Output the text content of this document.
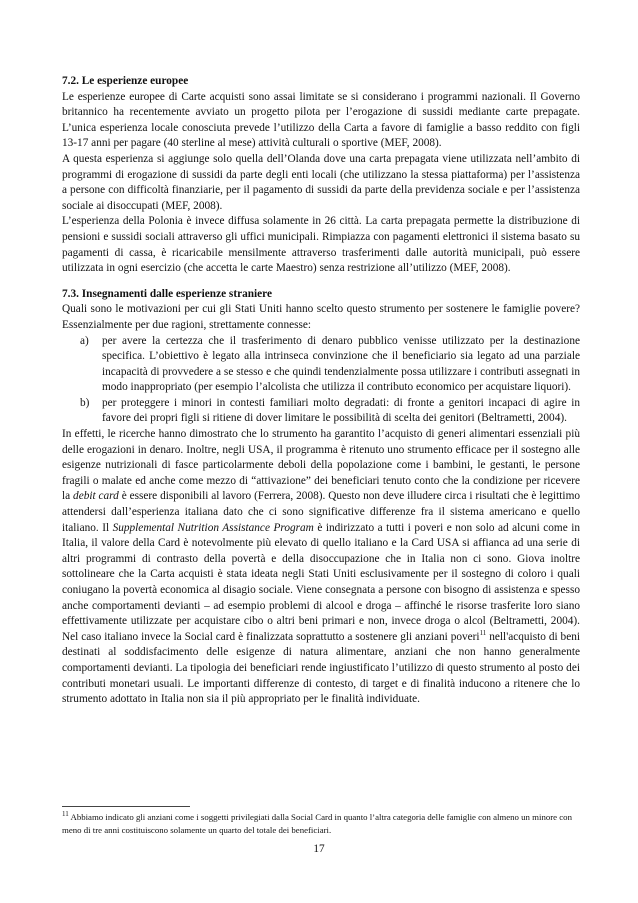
7.2. Le esperienze europee

Le esperienze europee di Carte acquisti sono assai limitate se si considerano i programmi nazionali. Il Governo britannico ha recentemente avviato un progetto pilota per l’erogazione di sussidi mediante carte prepagate. L’unica esperienza locale conosciuta prevede l’utilizzo della Carta a favore di famiglie a basso reddito con figli 13-17 anni per pagare (40 sterline al mese) attività culturali o sportive (MEF, 2008).

A questa esperienza si aggiunge solo quella dell’Olanda dove una carta prepagata viene utilizzata nell’ambito di programmi di erogazione di sussidi da parte degli enti locali (che utilizzano la stessa piattaforma) per l’assistenza a persone con difficoltà finanziarie, per il pagamento di sussidi da parte della previdenza sociale e per l’assistenza sociale ai disoccupati (MEF, 2008).

L’esperienza della Polonia è invece diffusa solamente in 26 città. La carta prepagata permette la distribuzione di pensioni e sussidi sociali attraverso gli uffici municipali. Rimpiazza con pagamenti elettronici il sistema basato su pagamenti di cassa, è ricaricabile mensilmente attraverso trasferimenti dalle autorità municipali, può essere utilizzata in ogni esercizio (che accetta le carte Maestro) senza restrizione all’utilizzo (MEF, 2008).

7.3. Insegnamenti dalle esperienze straniere

Quali sono le motivazioni per cui gli Stati Uniti hanno scelto questo strumento per sostenere le famiglie povere? Essenzialmente per due ragioni, strettamente connesse:

a) per avere la certezza che il trasferimento di denaro pubblico venisse utilizzato per la destinazione specifica. L’obiettivo è legato alla intrinseca convinzione che il beneficiario sia legato ad una parziale incapacità di provvedere a se stesso e che quindi tendenzialmente possa utilizzare i contributi assegnati in modo inappropriato (per esempio l’alcolista che utilizza il contributo economico per acquistare liquori).
b) per proteggere i minori in contesti familiari molto degradati: di fronte a genitori incapaci di agire in favore dei propri figli si ritiene di dover limitare le possibilità di scelta dei genitori (Beltrametti, 2004).

In effetti, le ricerche hanno dimostrato che lo strumento ha garantito l’acquisto di generi alimentari essenziali più delle erogazioni in denaro. Inoltre, negli USA, il programma è ritenuto uno strumento efficace per il sostegno alle esigenze nutrizionali di fasce particolarmente deboli della popolazione come i bambini, le gestanti, le persone fragili o malate ed anche come mezzo di “attivazione” dei beneficiari tenuto conto che la condizione per ricevere la debit card è essere disponibili al lavoro (Ferrera, 2008). Questo non deve illudere circa i risultati che è legittimo attendersi dall’esperienza italiana dato che ci sono significative differenze fra il sistema americano e quello italiano. Il Supplemental Nutrition Assistance Program è indirizzato a tutti i poveri e non solo ad alcuni come in Italia, il valore della Card è notevolmente più elevato di quello italiano e la Card USA si affianca ad una serie di altri programmi di contrasto della povertà e della disoccupazione che in Italia non ci sono. Giova inoltre sottolineare che la Carta acquisti è stata ideata negli Stati Uniti esclusivamente per il sostegno di coloro i quali coniugano la povertà economica al disagio sociale. Viene consegnata a persone con bisogno di assistenza e spesso anche comportamenti devianti – ad esempio problemi di alcool e droga – affinché le risorse trasferite loro siano effettivamente utilizzate per acquistare cibo o altri beni primari e non, invece droga o alcol (Beltrametti, 2004). Nel caso italiano invece la Social card è finalizzata soprattutto a sostenere gli anziani poveri$^{11}$ nell'acquisto di beni destinati al soddisfacimento delle esigenze di natura alimentare, anziani che non hanno generalmente comportamenti devianti. La tipologia dei beneficiari rende ingiustificato l’utilizzo di questo strumento al posto dei contributi monetari usuali. Le importanti differenze di contesto, di target e di finalità inducono a ritenere che lo strumento adottato in Italia non sia il più appropriato per le finalità individuate.

$^{11}$ Abbiamo indicato gli anziani come i soggetti privilegiati dalla Social Card in quanto l’altra categoria delle famiglie con almeno un minore con meno di tre anni costituiscono solamente un quarto del totale dei beneficiari.

17
